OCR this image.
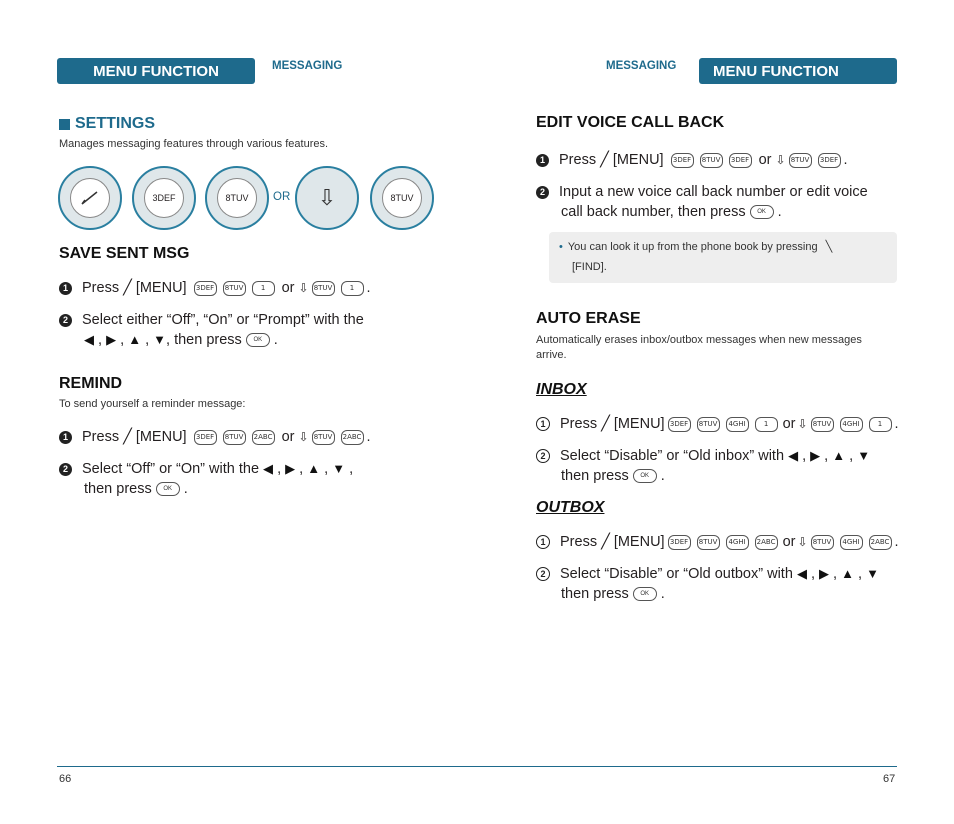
MENU FUNCTION	MESSAGING
SETTINGS
Manages messaging features through various features.
3DEF	8TUV	OR ⇩	8TUV
SAVE SENT MSG
1 Press ╱ [MENU]	3DEF	8TUV	1	or ⇩ 8TUV	1 .
2 Select either “Off”, “On” or “Prompt” with the
◀ , ▶ , ▲ , ▼ , then press	OK .
REMIND
To send yourself a reminder message:
1 Press ╱ [MENU]	3DEF	8TUV	2ABC or ⇩ 8TUV	2ABC .
2 Select “Off” or “On” with the
◀ , ▶ , ▲ , ▼ ,
then press	OK .
66
MESSAGING	MENU FUNCTION
EDIT VOICE CALL BACK
1 Press ╱ [MENU]	3DEF	8TUV	3DEF or ⇩ 8TUV	3DEF .
2 Input a new voice call back number or edit voice
call back number, then press	OK .
• You can look it up from the phone book by pressing ╲
[FIND].
AUTO ERASE
Automatically erases inbox/outbox messages when new messages
arrive.
INBOX
1	Press ╱ [MENU] 3DEF	8TUV	4GHI	1 or ⇩ 8TUV	4GHI	1 .
2	Select “Disable” or “Old inbox” with
◀ , ▶ , ▲ , ▼
then press	OK .
OUTBOX
1	Press ╱ [MENU] 3DEF	8TUV	4GHI	2ABC or ⇩ 8TUV	4GHI	2ABC .
2	Select “Disable” or “Old outbox” with
◀ , ▶ , ▲ , ▼
then press	OK .
67
